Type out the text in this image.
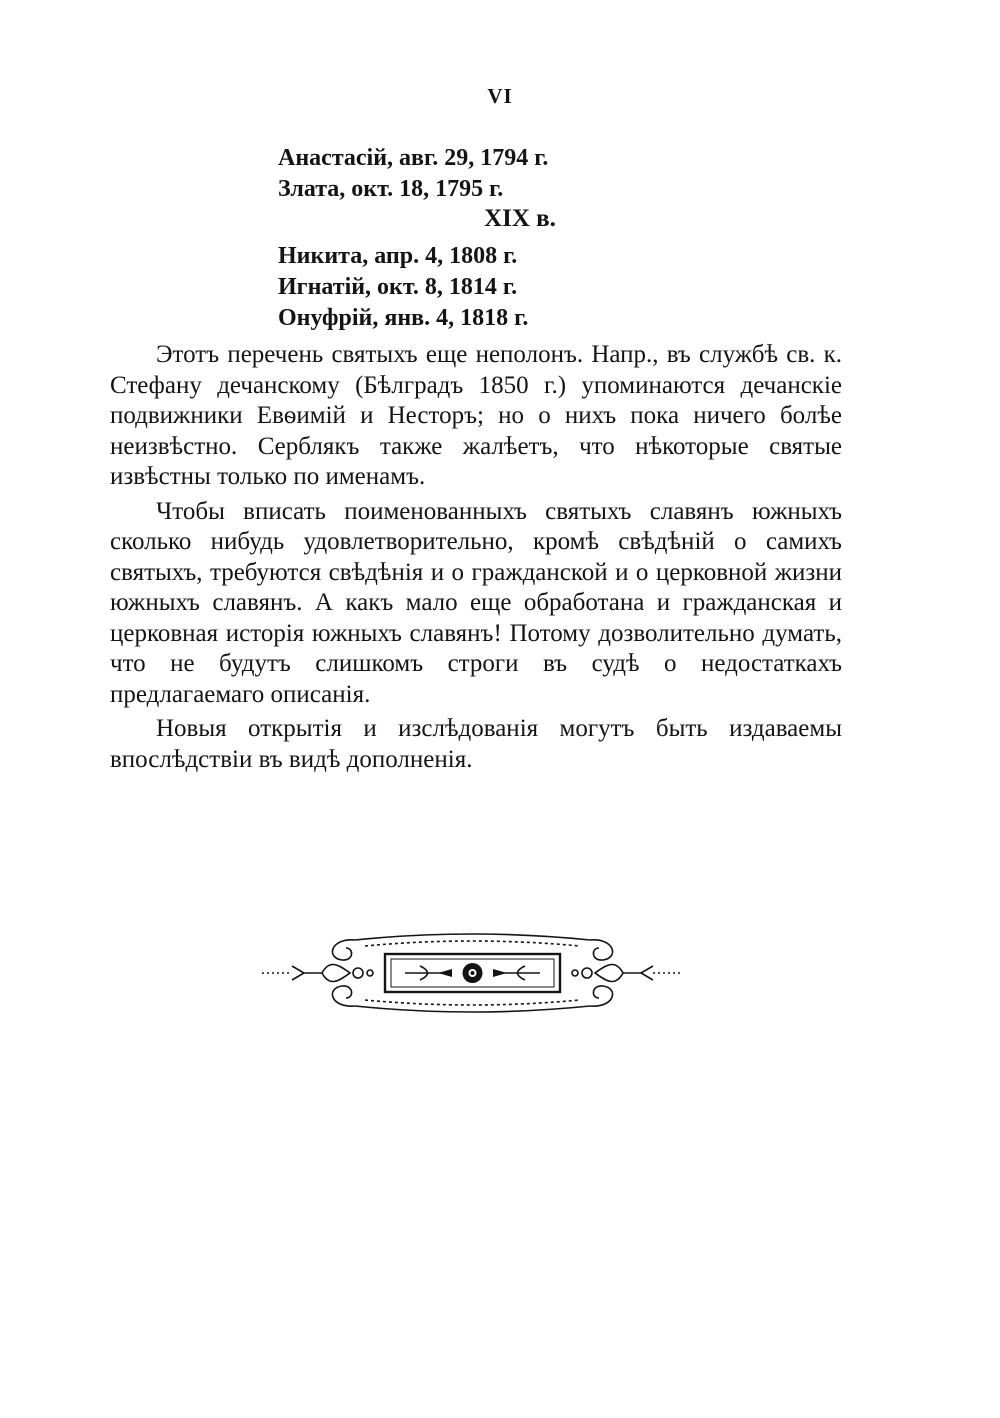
VI
Анастасій, авг. 29, 1794 г.
Злата, окт. 18, 1795 г.
XIX в.
Никита, апр. 4, 1808 г.
Игнатій, окт. 8, 1814 г.
Онуфрій, янв. 4, 1818 г.

Этотъ перечень святыхъ еще неполонъ. Напр., въ службѣ св. к. Стефану дечанскому (Бѣлградъ 1850 г.) упоминаются дечанскіе подвижники Евѳимій и Несторъ; но о нихъ пока ничего болѣе неизвѣстно. Серблякъ также жалѣетъ, что нѣкоторые святые извѣстны только по именамъ.

Чтобы вписать поименованныхъ святыхъ славянъ южныхъ сколько нибудь удовлетворительно, кромѣ свѣдѣній о самихъ святыхъ, требуются свѣдѣнія и о гражданской и о церковной жизни южныхъ славянъ. А какъ мало еще обработана и гражданская и церковная исторія южныхъ славянъ! Потому дозволительно думать, что не будутъ слишкомъ строги въ судѣ о недостаткахъ предлагаемаго описанія.

Новыя открытія и изслѣдованія могутъ быть издаваемы впослѣдствіи въ видѣ дополненія.
